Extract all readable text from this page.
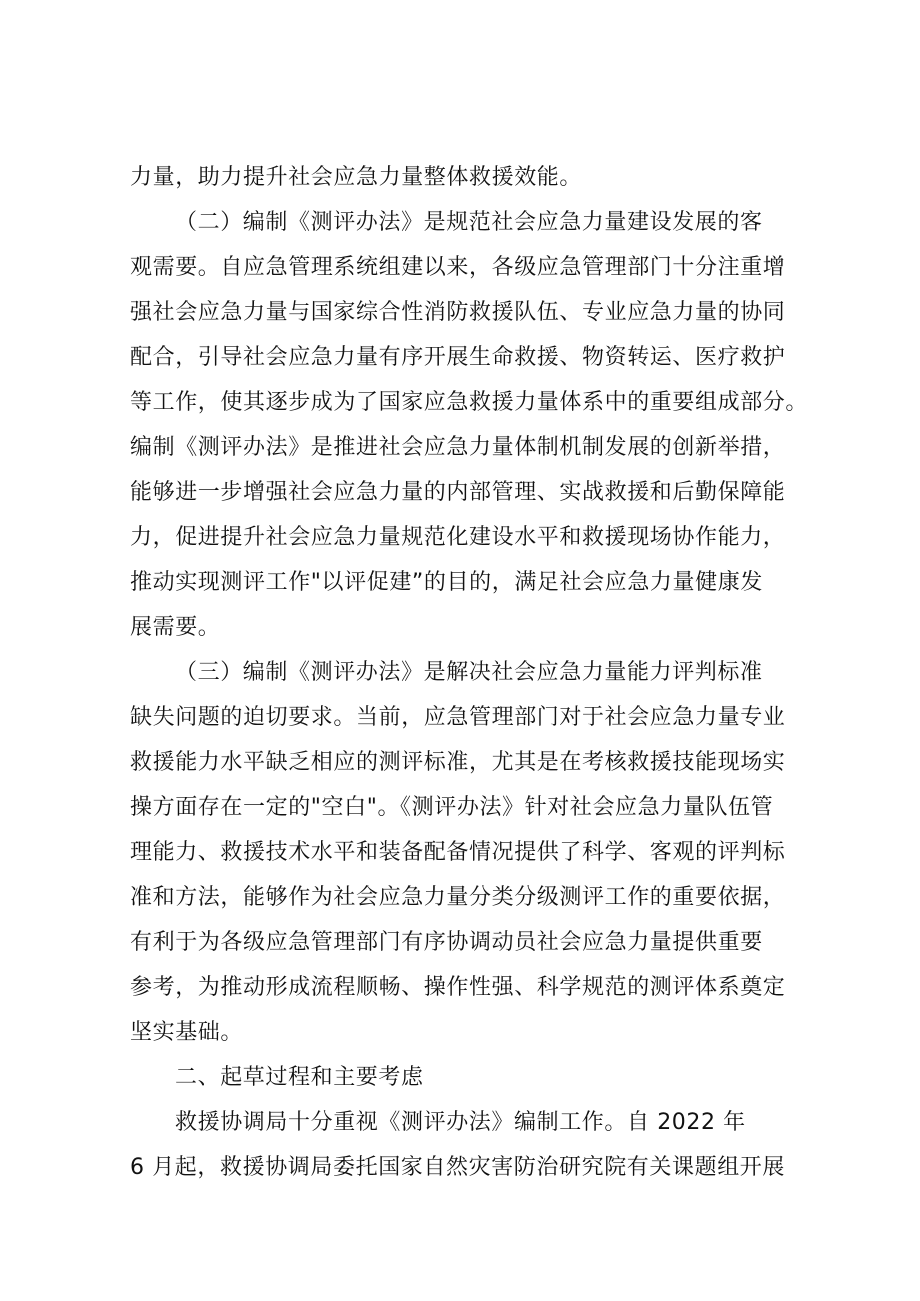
力量，助力提升社会应急力量整体救援效能。
（二）编制《测评办法》是规范社会应急力量建设发展的客
观需要。自应急管理系统组建以来，各级应急管理部门十分注重增
强社会应急力量与国家综合性消防救援队伍、专业应急力量的协同
配合，引导社会应急力量有序开展生命救援、物资转运、医疗救护
等工作，使其逐步成为了国家应急救援力量体系中的重要组成部分。
编制《测评办法》是推进社会应急力量体制机制发展的创新举措，
能够进一步增强社会应急力量的内部管理、实战救援和后勤保障能
力，促进提升社会应急力量规范化建设水平和救援现场协作能力，
推动实现测评工作"以评促建”的目的，满足社会应急力量健康发
展需要。
（三）编制《测评办法》是解决社会应急力量能力评判标准
缺失问题的迫切要求。当前，应急管理部门对于社会应急力量专业
救援能力水平缺乏相应的测评标准，尤其是在考核救援技能现场实
操方面存在一定的"空白"。《测评办法》针对社会应急力量队伍管
理能力、救援技术水平和装备配备情况提供了科学、客观的评判标
准和方法，能够作为社会应急力量分类分级测评工作的重要依据，
有利于为各级应急管理部门有序协调动员社会应急力量提供重要
参考，为推动形成流程顺畅、操作性强、科学规范的测评体系奠定
坚实基础。
二、起草过程和主要考虑
救援协调局十分重视《测评办法》编制工作。自 2022 年
6 月起，救援协调局委托国家自然灾害防治研究院有关课题组开展
